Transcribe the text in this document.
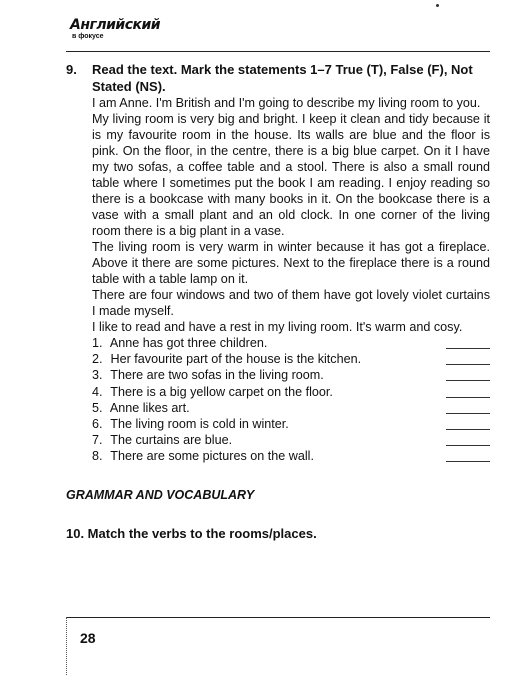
Английский
в фокусе
9. Read the text. Mark the statements 1–7 True (T), False (F), Not Stated (NS).

I am Anne. I'm British and I'm going to describe my living room to you.

My living room is very big and bright. I keep it clean and tidy because it is my favourite room in the house. Its walls are blue and the floor is pink. On the floor, in the centre, there is a big blue carpet. On it I have my two sofas, a coffee table and a stool. There is also a small round table where I sometimes put the book I am reading. I enjoy reading so there is a bookcase with many books in it. On the bookcase there is a vase with a small plant and an old clock. In one corner of the living room there is a big plant in a vase.

The living room is very warm in winter because it has got a fireplace. Above it there are some pictures. Next to the fireplace there is a round table with a table lamp on it.

There are four windows and two of them have got lovely violet curtains I made myself.

I like to read and have a rest in my living room. It's warm and cosy.

1. Anne has got three children.
2. Her favourite part of the house is the kitchen.
3. There are two sofas in the living room.
4. There is a big yellow carpet on the floor.
5. Anne likes art.
6. The living room is cold in winter.
7. The curtains are blue.
8. There are some pictures on the wall.
GRAMMAR AND VOCABULARY
10. Match the verbs to the rooms/places.
28
